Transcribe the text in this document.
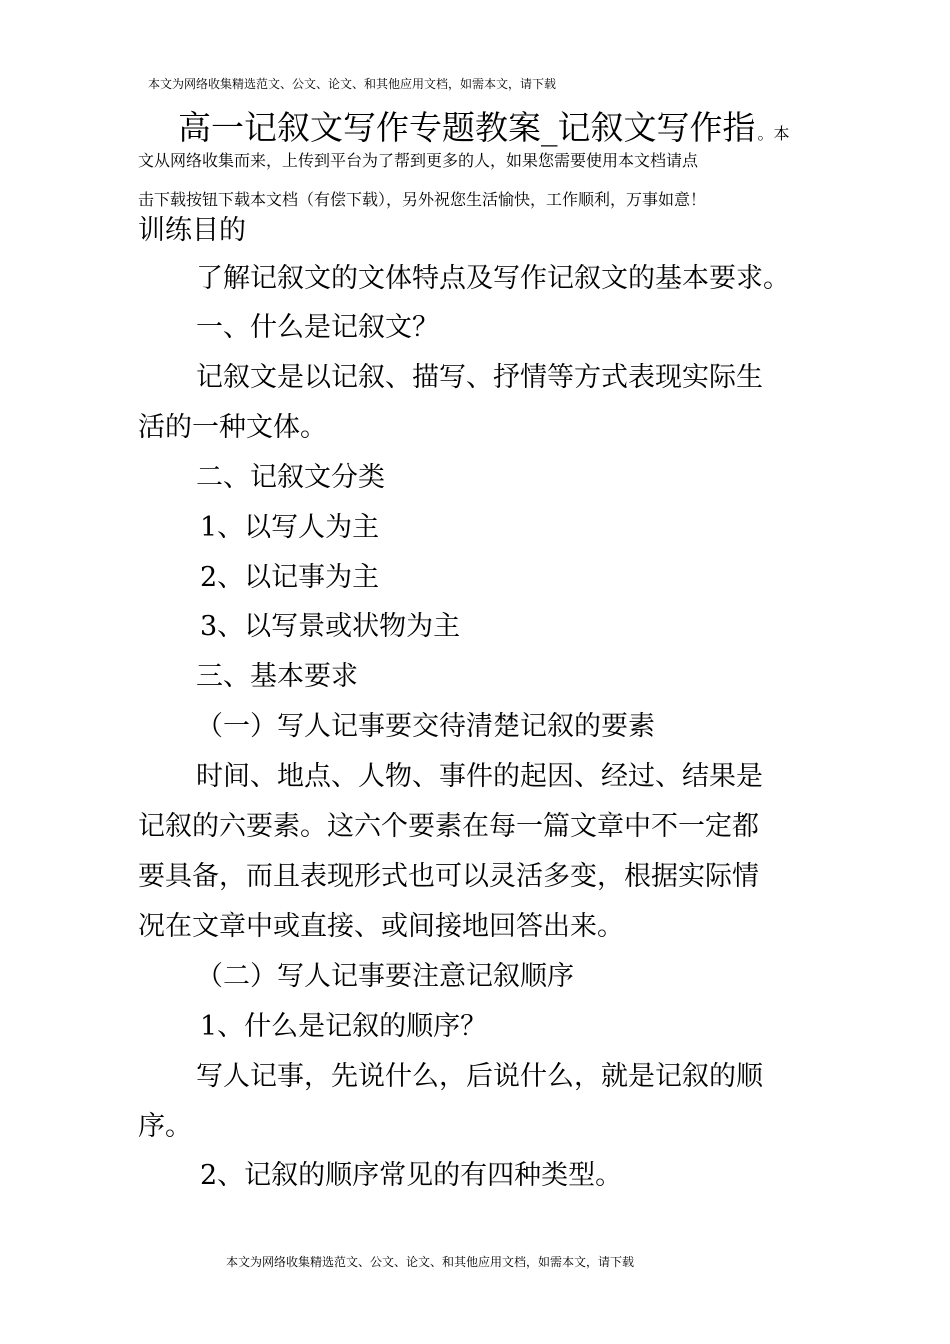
本文为网络收集精选范文、公文、论文、和其他应用文档，如需本文，请下载
高一记叙文写作专题教案_记叙文写作指 。本
文从网络收集而来，上传到平台为了帮到更多的人，如果您需要使用本文档请点
击下载按钮下载本文档（有偿下载），另外祝您生活愉快，工作顺利，万事如意！
训练目的
了解记叙文的文体特点及写作记叙文的基本要求。
一、什么是记叙文？
记叙文是以记叙、描写、抒情等方式表现实际生
活的一种文体。
二、记叙文分类
1、以写人为主
2、以记事为主
3、以写景或状物为主
三、基本要求
（一）写人记事要交待清楚记叙的要素
时间、地点、人物、事件的起因、经过、结果是
记叙的六要素。这六个要素在每一篇文章中不一定都
要具备，而且表现形式也可以灵活多变，根据实际情
况在文章中或直接、或间接地回答出来。
（二）写人记事要注意记叙顺序
1、什么是记叙的顺序？
写人记事，先说什么，后说什么，就是记叙的顺
序。
2、记叙的顺序常见的有四种类型。
本文为网络收集精选范文、公文、论文、和其他应用文档，如需本文，请下载
